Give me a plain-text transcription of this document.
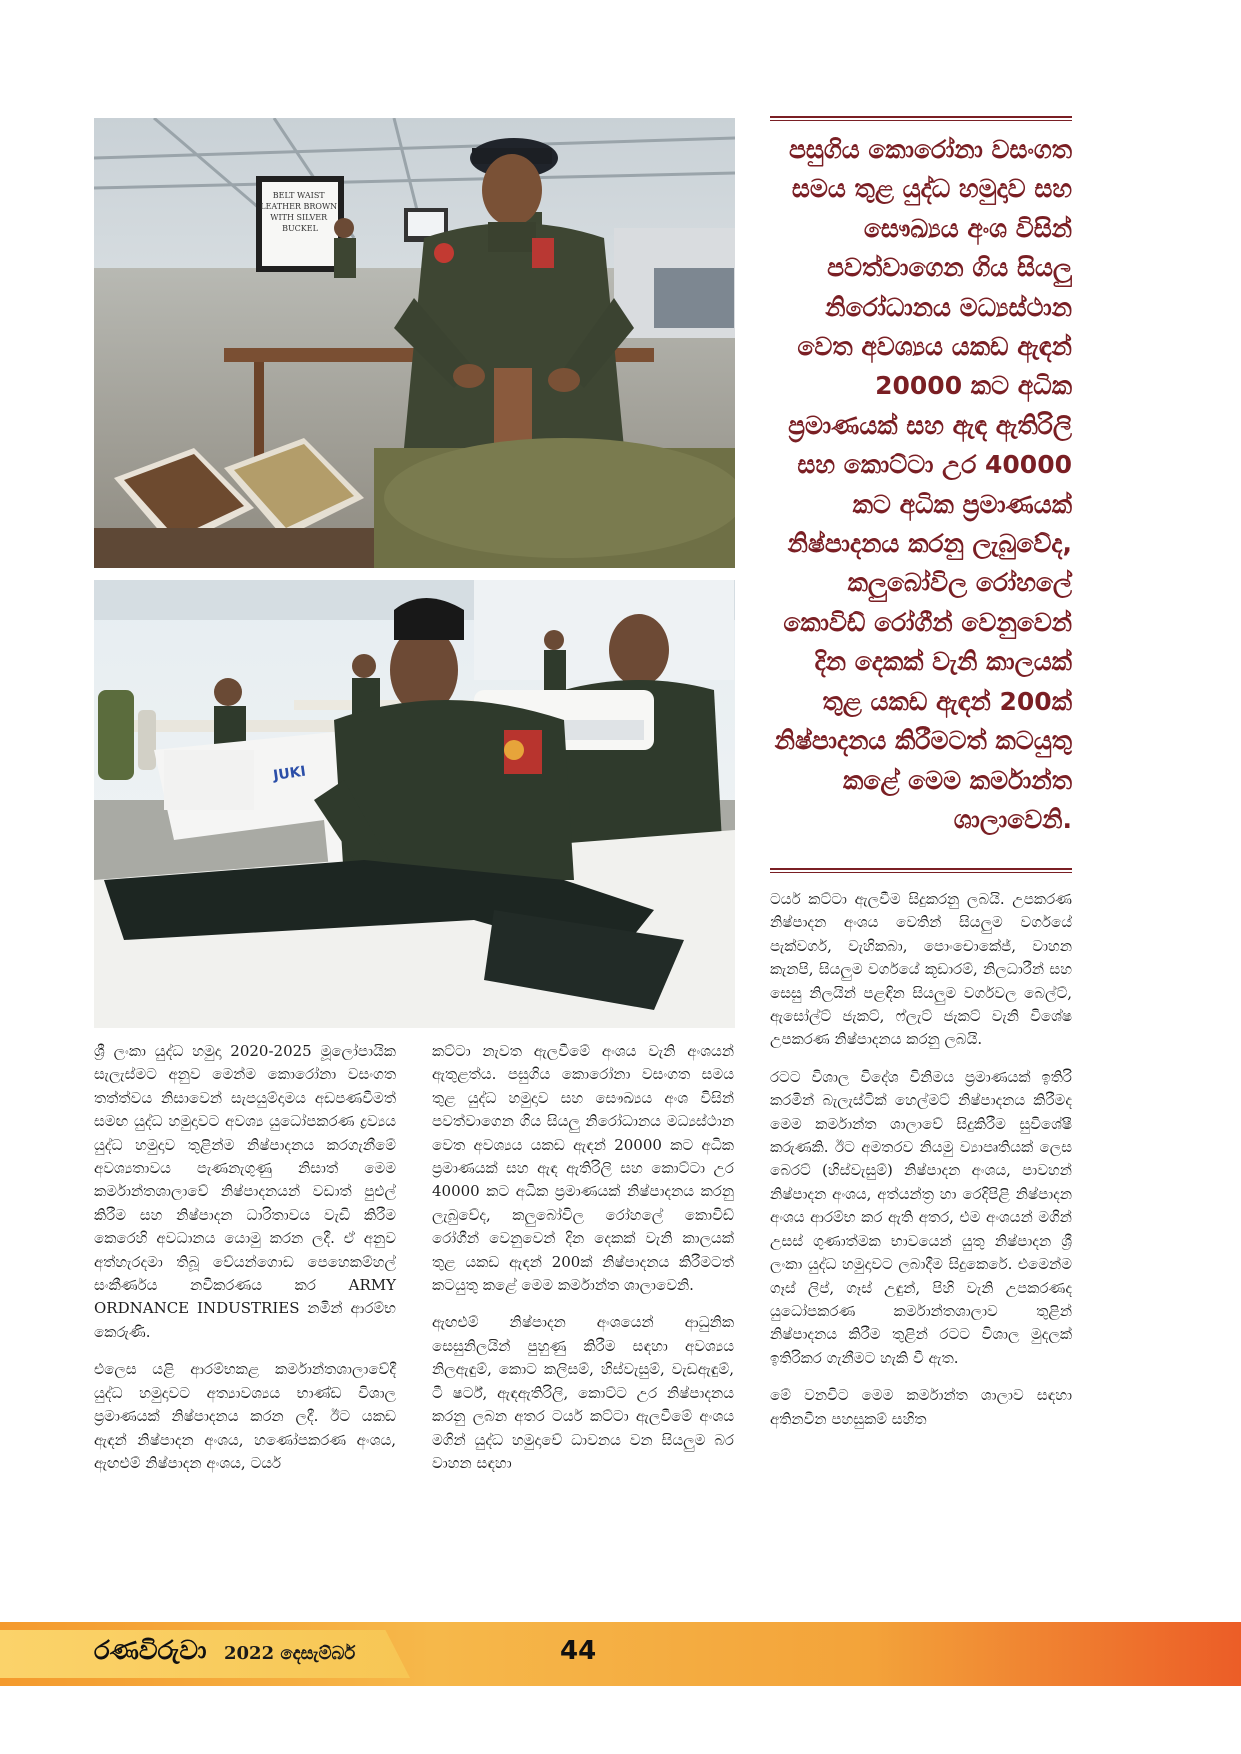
BELT WAIST LEATHER BROWN WITH SILVER BUCKEL
JUKI
පසුගිය කොරෝනා වසංගත සමය තුළ යුද්ධ හමුදාව සහ සෞඛ්‍යය අංශ විසින් පවත්වාගෙන ගිය සියලු නිරෝධානය මධ්‍යස්ථාන වෙත අවශ්‍යය යකඩ ඇඳන් 20000 කට අධික ප්‍රමාණයක් සහ ඇඳ ඇතිරිලි සහ කොට්ටා උර 40000 කට අධික ප්‍රමාණයක් නිෂ්පාදනය කරනු ලැබුවේද, කලුබෝවිල රෝහලේ කොවිඩ් රෝගීන් වෙනුවෙන් දින දෙකක් වැනි කාලයක් තුළ යකඩ ඇඳන් 200ක් නිෂ්පාදනය කිරීමටත් කටයුතු කළේ මෙම කර්මාන්ත ශාලාවෙනි.

ශ්‍රී ලංකා යුද්ධ හමුදා 2020-2025 මූලෝපායික සැලැස්මට අනුව මෙන්ම කොරෝනා වසංගත තත්ත්වය නිසාවෙන් සැපයුම්දාමය අඩපණවීමත් සමඟ යුද්ධ හමුදාවට අවශ්‍ය යුධෝපකරණ ද්‍රව්‍යය යුද්ධ හමුදාව තුළින්ම නිෂ්පාදනය කරගැනීමේ අවශ්‍යතාවය පැණනැගුණු නිසාත් මෙම කර්මාන්තශාලාවේ නිෂ්පාදනයන් වඩාත් පුළුල් කිරීම සහ නිෂ්පාදන ධාරිතාවය වැඩි කිරීම කෙරෙහි අවධානය යොමු කරන ලදී. ඒ අනුව අත්හැරදමා තිබූ වේයන්ගොඩ පෙහෙකම්හල් සංකීර්ණය නවීකරණය කර ARMY ORDNANCE INDUSTRIES නමින් ආරම්භ කෙරුණි.

එලෙස යළි ආරම්භකළ කර්මාන්තශාලාවේදී යුද්ධ හමුදාවට අත්‍යාවශ්‍යය භාණ්ඩ විශාල ප්‍රමාණයක් නිෂ්පාදනය කරන ලදී. ඊට යකඩ ඇඳන් නිෂ්පාදන අංශය, හණෝපකරණ අංශය, ඇඟළුම් නිෂ්පාදන අංශය, ටයර්

කට්ටා නැවත ඇලවීමේ අංශය වැනි අංශයන් ඇතුළත්ය. පසුගිය කොරෝනා වසංගත සමය තුළ යුද්ධ හමුදාව සහ සෞඛ්‍යය අංශ විසින් පවත්වාගෙන ගිය සියලු නිරෝධානය මධ්‍යස්ථාන වෙත අවශ්‍යය යකඩ ඇඳන් 20000 කට අධික ප්‍රමාණයක් සහ ඇඳ ඇතිරිලි සහ කොට්ටා උර 40000 කට අධික ප්‍රමාණයක් නිෂ්පාදනය කරනු ලැබුවේද, කලුබෝවිල රෝහලේ කොවිඩ් රෝගීන් වෙනුවෙන් දින දෙකක් වැනි කාලයක් තුළ යකඩ ඇඳන් 200ක් නිෂ්පාදනය කිරීමටත් කටයුතු කළේ මෙම කර්මාන්ත ශාලාවෙනි.

ඇඟළුම් නිෂ්පාදන අංශයෙන් ආධුනික සෙසුනිලයින් පුහුණු කිරීම සඳහා අවශ්‍යය නිලඇඳුම්, කොට කලිසම්, හිස්වැසුම්, වැඩඇඳුම්, ටී ෂර්ට්, ඇඳඇතිරිලි, කොට්ට උර නිෂ්පාදනය කරනු ලබන අතර ටයර් කට්ටා ඇලවීමේ අංශය මගින් යුද්ධ හමුදාවේ ධාවනය වන සියලුම බර වාහන සඳහා

ටයර් කට්ටා ඇලවීම සිදුකරනු ලබයි. උපකරණ නිෂ්පාදන අංශය වෙතින් සියලුම වර්ගයේ පැක්වර්ග, වැහිකබා, පොංචොකේජ්, වාහන කැනපි, සියලුම වර්ගයේ කූඩාරම්, නිලධාරීන් සහ සෙසු නිලයින් පළඳින සියලුම වර්ගවල බෙල්ට්, ඇසෝල්ට් ජැකට්, ෆ්ලැට් ජැකට් වැනි විශේෂ උපකරණ නිෂ්පාදනය කරනු ලබයි.

රටට විශාල විදේශ විනිමය ප්‍රමාණයක් ඉතිරි කරමින් බැලැස්ටික් හෙල්මට් නිෂ්පාදනය කිරීමද මෙම කර්මාන්ත ශාලාවේ සිදුකිරීම සුවිශේෂී කරුණකි. ඊට අමතරව නියමු ව්‍යාපෘතියක් ලෙස බෙරට් (හිස්වැසුම්) නිෂ්පාදන අංශය, පාවහන් නිෂ්පාදන අංශය, අත්යන්ත්‍ර හා රෙදිපිළි නිෂ්පාදන අංශය ආරම්භ කර ඇති අතර, එම අංශයන් මගින් උසස් ගුණාත්මක භාවයෙන් යුතු නිෂ්පාදන ශ්‍රී ලංකා යුද්ධ හමුදාවට ලබාදීම සිදුකෙරේ. එමෙන්ම ගෑස් ලිප්, ගෑස් උඳුන්, පිහි වැනි උපකරණද යුධෝපකරණ කර්මාන්තශාලාව තුළින් නිෂ්පාදනය කිරීම තුළින් රටට විශාල මුදලක් ඉතිරිකර ගැනීමට හැකි වී ඇත.

මේ වනවිට මෙම කර්මාන්ත ශාලාව සඳහා අතිනවීන පහසුකම් සහිත

රණවිරුවා 2022 දෙසැම්බර්	44
